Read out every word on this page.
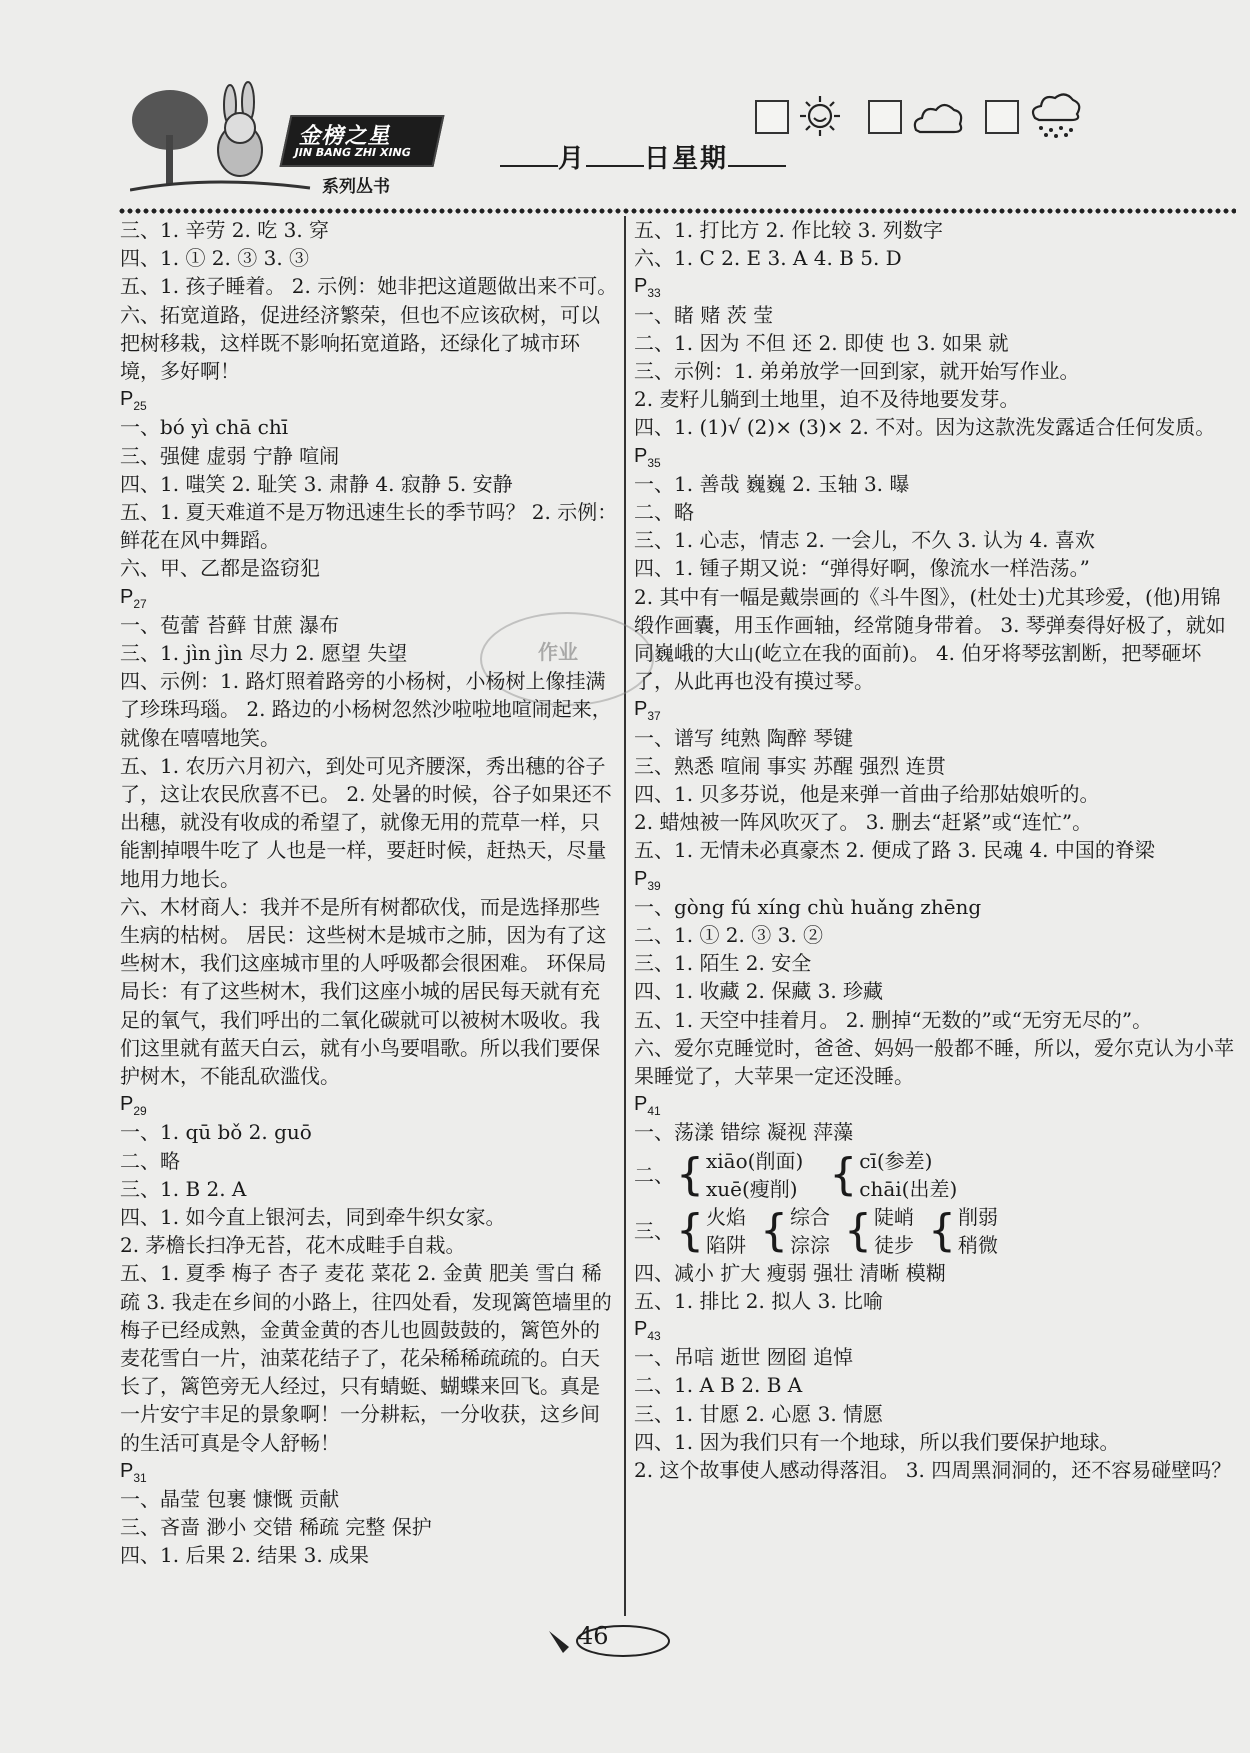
金榜之星
JIN BANG ZHI XING
系列丛书
月 日星期
作业
三、1. 辛劳 2. 吃 3. 穿
四、1. ① 2. ③ 3. ③
五、1. 孩子睡着。 2. 示例：她非把这道题做出来不可。
六、拓宽道路，促进经济繁荣，但也不应该砍树，可以把树移栽，这样既不影响拓宽道路，还绿化了城市环境，多好啊！
$P_{25}$
一、bó yì chā chī
三、强健 虚弱 宁静 喧闹
四、1. 嗤笑 2. 耻笑 3. 肃静 4. 寂静 5. 安静
五、1. 夏天难道不是万物迅速生长的季节吗？ 2. 示例：鲜花在风中舞蹈。
六、甲、乙都是盗窃犯
$P_{27}$
一、苞蕾 苔藓 甘蔗 瀑布
三、1. jìn jìn 尽力 2. 愿望 失望
四、示例：1. 路灯照着路旁的小杨树，小杨树上像挂满了珍珠玛瑙。 2. 路边的小杨树忽然沙啦啦地喧闹起来，就像在嘻嘻地笑。
五、1. 农历六月初六，到处可见齐腰深，秀出穗的谷子了，这让农民欣喜不已。 2. 处暑的时候，谷子如果还不出穗，就没有收成的希望了，就像无用的荒草一样，只能割掉喂牛吃了 人也是一样，要赶时候，赶热天，尽量地用力地长。
六、木材商人：我并不是所有树都砍伐，而是选择那些生病的枯树。 居民：这些树木是城市之肺，因为有了这些树木，我们这座城市里的人呼吸都会很困难。 环保局局长：有了这些树木，我们这座小城的居民每天就有充足的氧气，我们呼出的二氧化碳就可以被树木吸收。我们这里就有蓝天白云，就有小鸟要唱歌。所以我们要保护树木，不能乱砍滥伐。
$P_{29}$
一、1. qū bǒ 2. guō
二、略
三、1. B 2. A
四、1. 如今直上银河去，同到牵牛织女家。
2. 茅檐长扫净无苔，花木成畦手自栽。
五、1. 夏季 梅子 杏子 麦花 菜花 2. 金黄 肥美 雪白 稀疏 3. 我走在乡间的小路上，往四处看，发现篱笆墙里的梅子已经成熟，金黄金黄的杏儿也圆鼓鼓的，篱笆外的麦花雪白一片，油菜花结子了，花朵稀稀疏疏的。白天长了，篱笆旁无人经过，只有蜻蜓、蝴蝶来回飞。真是一片安宁丰足的景象啊！一分耕耘，一分收获，这乡间的生活可真是令人舒畅！
$P_{31}$
一、晶莹 包裹 慷慨 贡献
三、吝啬 渺小 交错 稀疏 完整 保护
四、1. 后果 2. 结果 3. 成果
五、1. 打比方 2. 作比较 3. 列数字
六、1. C 2. E 3. A 4. B 5. D
$P_{33}$
一、睹 赌 茨 莹
二、1. 因为 不但 还 2. 即使 也 3. 如果 就
三、示例：1. 弟弟放学一回到家，就开始写作业。
2. 麦籽儿躺到土地里，迫不及待地要发芽。
四、1. (1)√ (2)× (3)× 2. 不对。因为这款洗发露适合任何发质。
$P_{35}$
一、1. 善哉 巍巍 2. 玉轴 3. 曝
二、略
三、1. 心志，情志 2. 一会儿，不久 3. 认为 4. 喜欢
四、1. 锺子期又说：“弹得好啊，像流水一样浩荡。”
2. 其中有一幅是戴崇画的《斗牛图》，(杜处士)尤其珍爱，(他)用锦缎作画囊，用玉作画轴，经常随身带着。 3. 琴弹奏得好极了，就如同巍峨的大山(屹立在我的面前)。 4. 伯牙将琴弦割断，把琴砸坏了，从此再也没有摸过琴。
$P_{37}$
一、谱写 纯熟 陶醉 琴键
三、熟悉 喧闹 事实 苏醒 强烈 连贯
四、1. 贝多芬说，他是来弹一首曲子给那姑娘听的。
2. 蜡烛被一阵风吹灭了。 3. 删去“赶紧”或“连忙”。
五、1. 无情未必真豪杰 2. 便成了路 3. 民魂 4. 中国的脊梁
$P_{39}$
一、gòng fú xíng chù huǎng zhēng
二、1. ① 2. ③ 3. ②
三、1. 陌生 2. 安全
四、1. 收藏 2. 保藏 3. 珍藏
五、1. 天空中挂着月。 2. 删掉“无数的”或“无穷无尽的”。
六、爱尔克睡觉时，爸爸、妈妈一般都不睡，所以，爱尔克认为小苹果睡觉了，大苹果一定还没睡。
$P_{41}$
一、荡漾 错综 凝视 萍藻
二、 { xiāo(削面)
xuē(瘦削) { cī(参差)
chāi(出差)
三、 { 火焰
陷阱 { 综合
淙淙 { 陡峭
徒步 { 削弱
稍微
四、减小 扩大 瘦弱 强壮 清晰 模糊
五、1. 排比 2. 拟人 3. 比喻
$P_{43}$
一、吊唁 逝世 囫囵 追悼
二、1. A B 2. B A
三、1. 甘愿 2. 心愿 3. 情愿
四、1. 因为我们只有一个地球，所以我们要保护地球。
2. 这个故事使人感动得落泪。 3. 四周黑洞洞的，还不容易碰壁吗？
46
